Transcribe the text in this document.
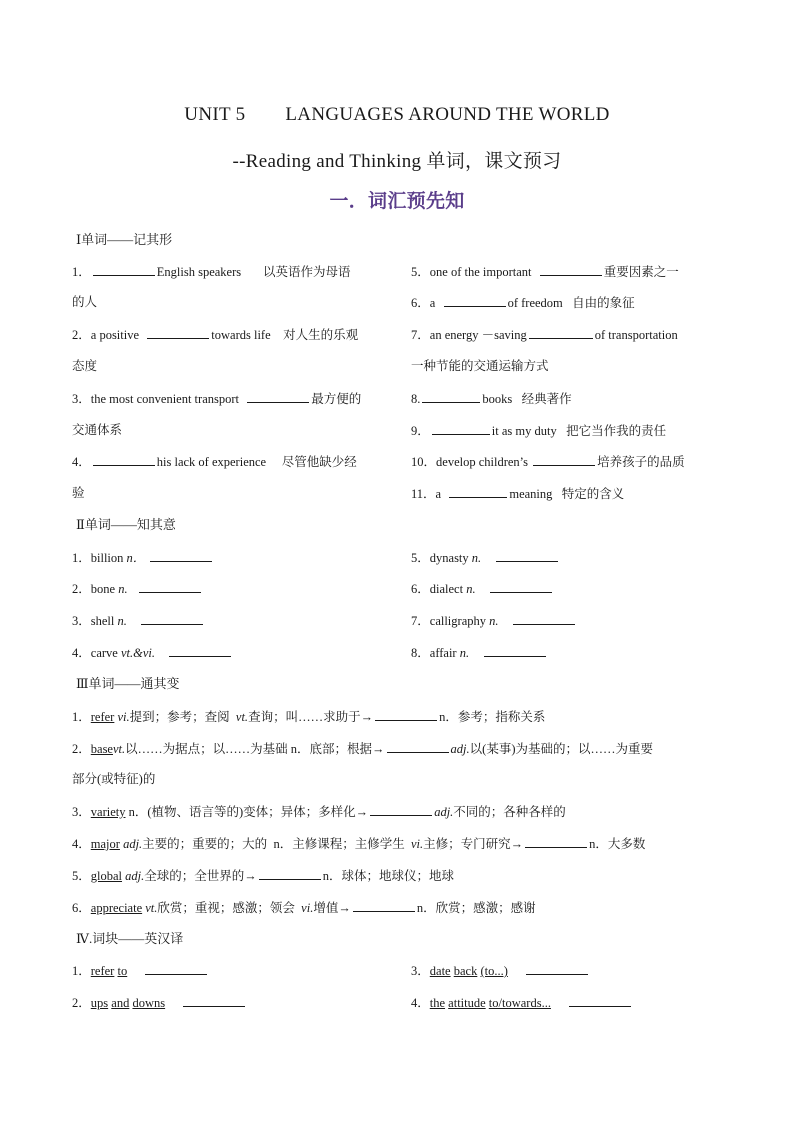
UNIT 5 LANGUAGES AROUND THE WORLD
--Reading and Thinking 单词，课文预习
一．词汇预先知
Ⅰ单词——记其形
1．	English speakers 以英语作为母语
的人
2．a positive	towards life 对人生的乐观
态度
3．the most convenient transport	最方便的
交通体系
4．	his lack of experience 尽管他缺少经
验
5．one of the important	重要因素之一
6．a	of freedom 自由的象征
7．an energy －saving	of transportation
一种节能的交通运输方式
8.	books 经典著作
9．	it as my duty 把它当作我的责任
10．develop children’s	培养孩子的品质
11．a	meaning 特定的含义
Ⅱ单词——知其意
1．billion n．
2．bone n.
3．shell n.
4．carve vt.&vi.
5．dynasty n.
6．dialect n.
7．calligraphy n.
8．affair n.
Ⅲ单词——通其变
1．refer vi.提到；参考；查阅 vt.查询；叫……求助于→	n．参考；指称关系
2．basevt.以……为据点；以……为基础 n．底部；根据→	adj.以(某事)为基础的；以……为重要
部分(或特征)的
3．variety n．(植物、语言等的)变体；异体；多样化→	adj.不同的；各种各样的
4．major adj.主要的；重要的；大的 n．主修课程；主修学生 vi.主修；专门研究→	n．大多数
5．global adj.全球的；全世界的→	n．球体；地球仪；地球
6．appreciate vt.欣赏；重视；感激；领会 vi.增值→	n．欣赏；感激；感谢
Ⅳ.词块——英汉译
1．refer to
2．ups and downs
3．date back (to...)
4．the attitude to/towards...
